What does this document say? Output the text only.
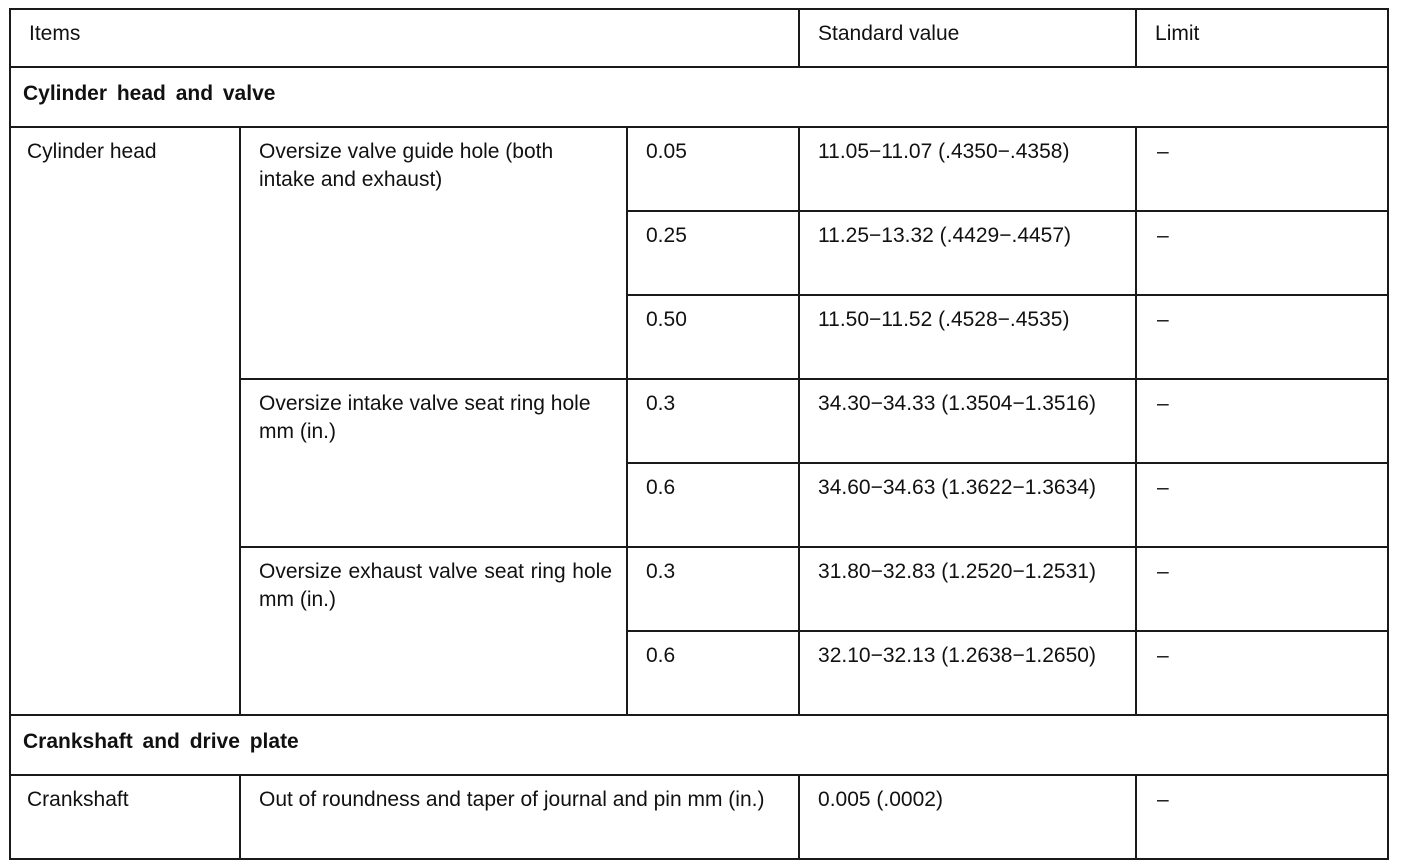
Items			Standard value	Limit
Cylinder head and valve				
Cylinder head	Oversize valve guide hole (both intake and exhaust)	0.05	11.05−11.07 (.4350−.4358)	–
		0.25	11.25−13.32 (.4429−.4457)	–
		0.50	11.50−11.52 (.4528−.4535)	–
	Oversize intake valve seat ring hole mm (in.)	0.3	34.30−34.33 (1.3504−1.3516)	–
		0.6	34.60−34.63 (1.3622−1.3634)	–
	Oversize exhaust valve seat ring hole mm (in.)	0.3	31.80−32.83 (1.2520−1.2531)	–
		0.6	32.10−32.13 (1.2638−1.2650)	–
Crankshaft and drive plate				
Crankshaft	Out of roundness and taper of journal and pin mm (in.)		0.005 (.0002)	–
